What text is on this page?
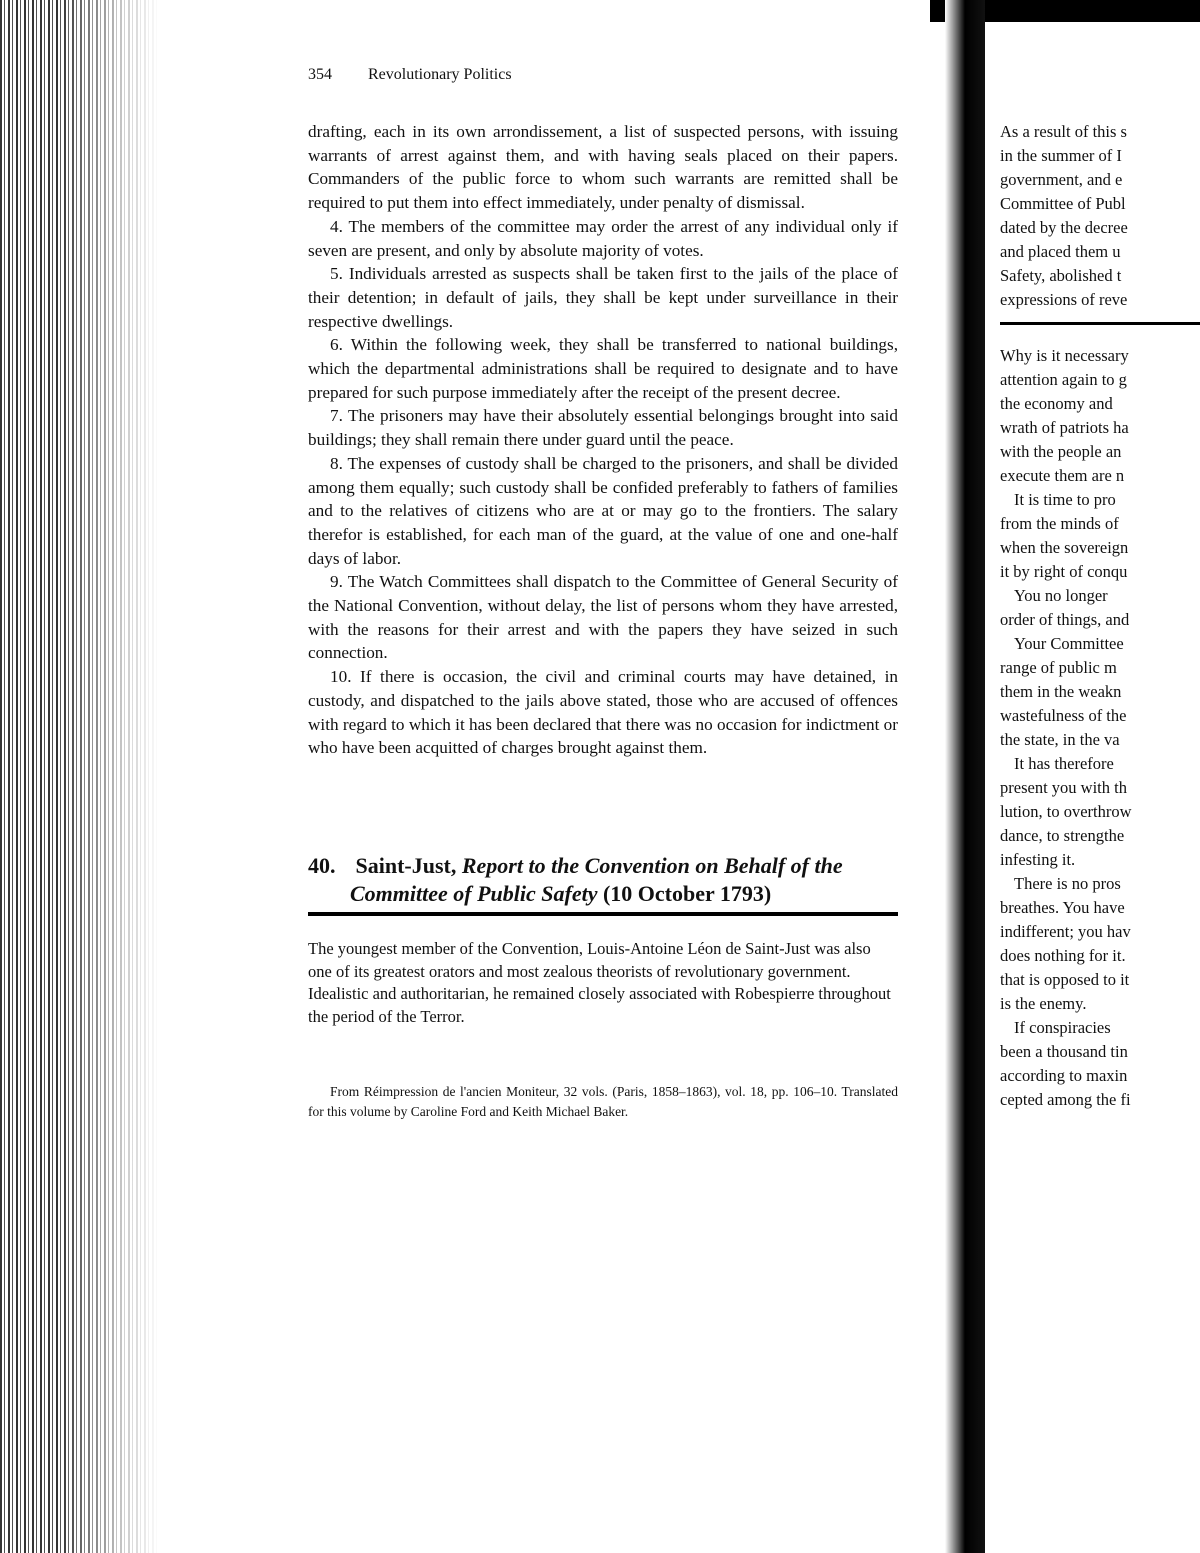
354 Revolutionary Politics

drafting, each in its own arrondissement, a list of suspected persons, with issuing warrants of arrest against them, and with having seals placed on their papers. Commanders of the public force to whom such warrants are remitted shall be required to put them into effect immediately, under penalty of dismissal.

4. The members of the committee may order the arrest of any individual only if seven are present, and only by absolute majority of votes.

5. Individuals arrested as suspects shall be taken first to the jails of the place of their detention; in default of jails, they shall be kept under surveillance in their respective dwellings.

6. Within the following week, they shall be transferred to national buildings, which the departmental administrations shall be required to designate and to have prepared for such purpose immediately after the receipt of the present decree.

7. The prisoners may have their absolutely essential belongings brought into said buildings; they shall remain there under guard until the peace.

8. The expenses of custody shall be charged to the prisoners, and shall be divided among them equally; such custody shall be confided preferably to fathers of families and to the relatives of citizens who are at or may go to the frontiers. The salary therefor is established, for each man of the guard, at the value of one and one-half days of labor.

9. The Watch Committees shall dispatch to the Committee of General Security of the National Convention, without delay, the list of persons whom they have arrested, with the reasons for their arrest and with the papers they have seized in such connection.

10. If there is occasion, the civil and criminal courts may have detained, in custody, and dispatched to the jails above stated, those who are accused of offences with regard to which it has been declared that there was no occasion for indictment or who have been acquitted of charges brought against them.

40. Saint-Just, Report to the Convention on Behalf of the
Committee of Public Safety (10 October 1793)

The youngest member of the Convention, Louis-Antoine Léon de Saint-Just was also one of its greatest orators and most zealous theorists of revolutionary government. Idealistic and authoritarian, he remained closely associated with Robespierre throughout the period of the Terror.

From Réimpression de l'ancien Moniteur, 32 vols. (Paris, 1858–1863), vol. 18, pp. 106–10. Translated for this volume by Caroline Ford and Keith Michael Baker.
As a result of this s
in the summer of I
government, and e
Committee of Publ
dated by the decree
and placed them u
Safety, abolished t
expressions of reve
Why is it necessary
attention again to g
the economy and
wrath of patriots ha
with the people an
execute them are n
It is time to pro
from the minds of
when the sovereign
it by right of conqu
You no longer
order of things, and
Your Committee
range of public m
them in the weakn
wastefulness of the
the state, in the va
It has therefore
present you with th
lution, to overthrow
dance, to strengthe
infesting it.
There is no pros
breathes. You have
indifferent; you hav
does nothing for it.
that is opposed to it
is the enemy.
If conspiracies
been a thousand tin
according to maxin
cepted among the fi
